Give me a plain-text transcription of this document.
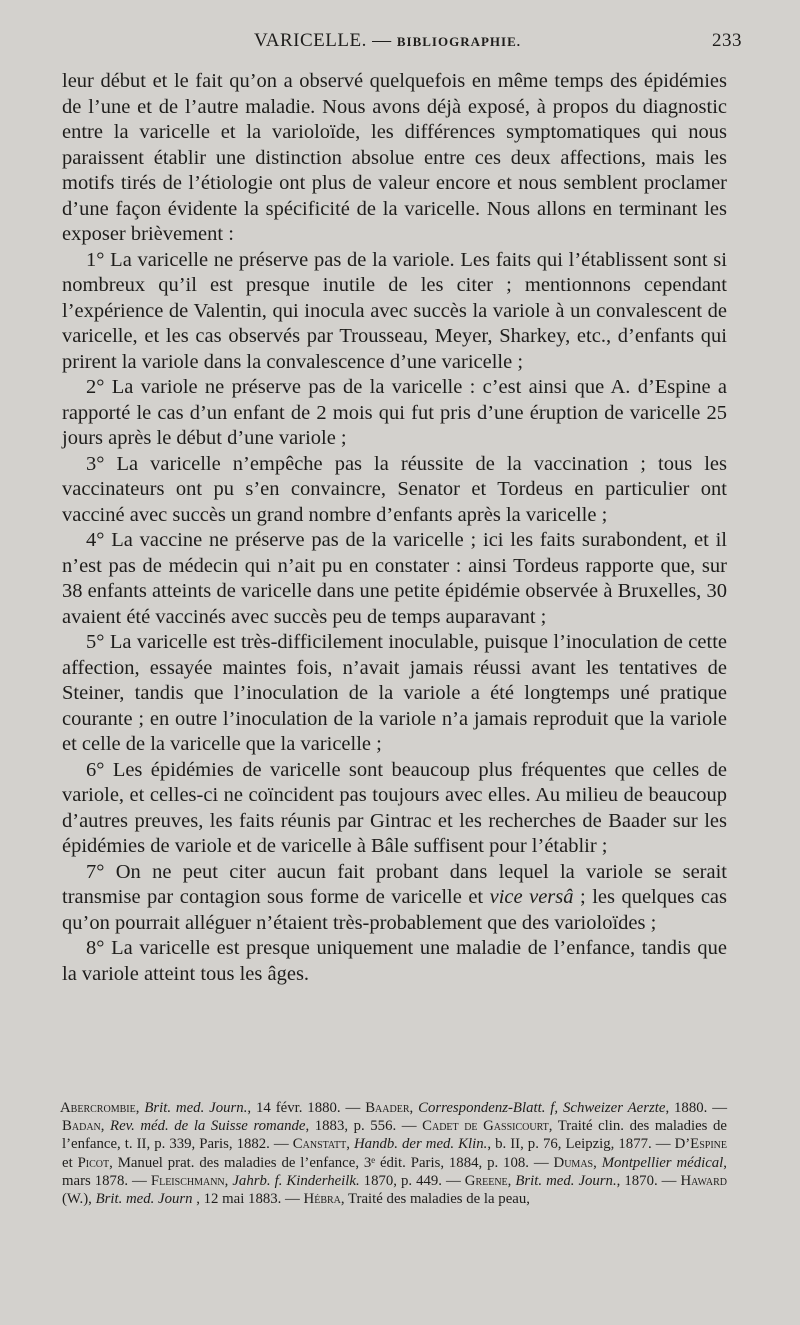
VARICELLE. — BIBLIOGRAPHIE.	233

leur début et le fait qu’on a observé quelquefois en même temps des épidémies de l’une et de l’autre maladie. Nous avons déjà exposé, à propos du diagnostic entre la varicelle et la varioloïde, les différences symptomatiques qui nous paraissent établir une distinction absolue entre ces deux affections, mais les motifs tirés de l’étiologie ont plus de valeur encore et nous semblent proclamer d’une façon évidente la spécificité de la varicelle. Nous allons en terminant les exposer brièvement :

1° La varicelle ne préserve pas de la variole. Les faits qui l’établissent sont si nombreux qu’il est presque inutile de les citer ; mentionnons cependant l’expérience de Valentin, qui inocula avec succès la variole à un convalescent de varicelle, et les cas observés par Trousseau, Meyer, Sharkey, etc., d’enfants qui prirent la variole dans la convalescence d’une varicelle ;

2° La variole ne préserve pas de la varicelle : c’est ainsi que A. d’Espine a rapporté le cas d’un enfant de 2 mois qui fut pris d’une éruption de varicelle 25 jours après le début d’une variole ;

3° La varicelle n’empêche pas la réussite de la vaccination ; tous les vaccinateurs ont pu s’en convaincre, Senator et Tordeus en particulier ont vacciné avec succès un grand nombre d’enfants après la varicelle ;

4° La vaccine ne préserve pas de la varicelle ; ici les faits surabondent, et il n’est pas de médecin qui n’ait pu en constater : ainsi Tordeus rapporte que, sur 38 enfants atteints de varicelle dans une petite épidémie observée à Bruxelles, 30 avaient été vaccinés avec succès peu de temps auparavant ;

5° La varicelle est très-difficilement inoculable, puisque l’inoculation de cette affection, essayée maintes fois, n’avait jamais réussi avant les tentatives de Steiner, tandis que l’inoculation de la variole a été longtemps uné pratique courante ; en outre l’inoculation de la variole n’a jamais reproduit que la variole et celle de la varicelle que la varicelle ;

6° Les épidémies de varicelle sont beaucoup plus fréquentes que celles de variole, et celles-ci ne coïncident pas toujours avec elles. Au milieu de beaucoup d’autres preuves, les faits réunis par Gintrac et les recherches de Baader sur les épidémies de variole et de varicelle à Bâle suffisent pour l’établir ;

7° On ne peut citer aucun fait probant dans lequel la variole se serait transmise par contagion sous forme de varicelle et vice versâ ; les quelques cas qu’on pourrait alléguer n’étaient très-probablement que des varioloïdes ;

8° La varicelle est presque uniquement une maladie de l’enfance, tandis que la variole atteint tous les âges.

Abercrombie, Brit. med. Journ., 14 févr. 1880. — Baader, Correspondenz-Blatt. f, Schweizer Aerzte, 1880. — Badan, Rev. méd. de la Suisse romande, 1883, p. 556. — Cadet de Gassicourt, Traité clin. des maladies de l’enfance, t. II, p. 339, Paris, 1882. — Canstatt, Handb. der med. Klin., b. II, p. 76, Leipzig, 1877. — D’Espine et Picot, Manuel prat. des maladies de l’enfance, 3ᵉ édit. Paris, 1884, p. 108. — Dumas, Montpellier médical, mars 1878. — Fleischmann, Jahrb. f. Kinderheilk. 1870, p. 449. — Greene, Brit. med. Journ., 1870. — Haward (W.), Brit. med. Journ , 12 mai 1883. — Hébra, Traité des maladies de la peau,
